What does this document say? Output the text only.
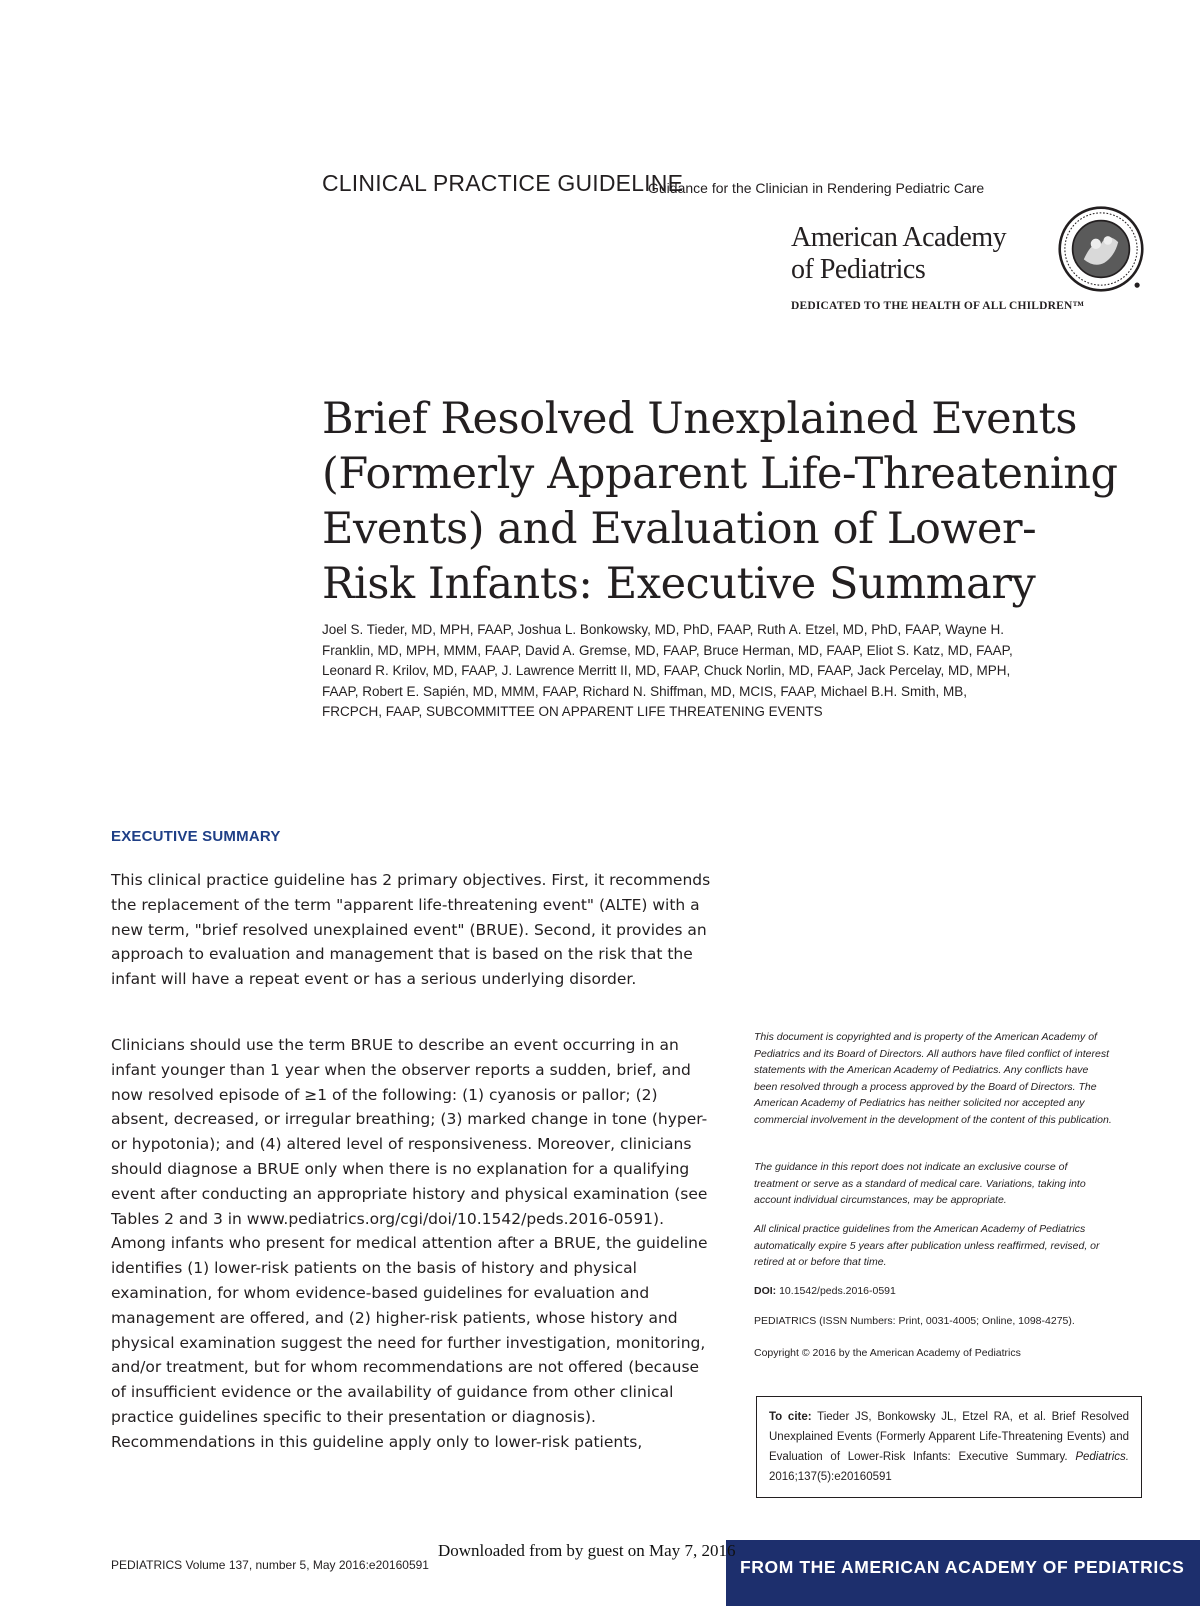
CLINICAL PRACTICE GUIDELINE
Guidance for the Clinician in Rendering Pediatric Care
American Academy
of Pediatrics
DEDICATED TO THE HEALTH OF ALL CHILDREN™
Brief Resolved Unexplained Events (Formerly Apparent Life-Threatening Events) and Evaluation of Lower-Risk Infants: Executive Summary
Joel S. Tieder, MD, MPH, FAAP, Joshua L. Bonkowsky, MD, PhD, FAAP, Ruth A. Etzel, MD, PhD, FAAP, Wayne H. Franklin, MD, MPH, MMM, FAAP, David A. Gremse, MD, FAAP, Bruce Herman, MD, FAAP, Eliot S. Katz, MD, FAAP, Leonard R. Krilov, MD, FAAP, J. Lawrence Merritt II, MD, FAAP, Chuck Norlin, MD, FAAP, Jack Percelay, MD, MPH, FAAP, Robert E. Sapién, MD, MMM, FAAP, Richard N. Shiffman, MD, MCIS, FAAP, Michael B.H. Smith, MB, FRCPCH, FAAP, SUBCOMMITTEE ON APPARENT LIFE THREATENING EVENTS
EXECUTIVE SUMMARY

This clinical practice guideline has 2 primary objectives. First, it recommends the replacement of the term "apparent life-threatening event" (ALTE) with a new term, "brief resolved unexplained event" (BRUE). Second, it provides an approach to evaluation and management that is based on the risk that the infant will have a repeat event or has a serious underlying disorder.

Clinicians should use the term BRUE to describe an event occurring in an infant younger than 1 year when the observer reports a sudden, brief, and now resolved episode of ≥1 of the following: (1) cyanosis or pallor; (2) absent, decreased, or irregular breathing; (3) marked change in tone (hyper- or hypotonia); and (4) altered level of responsiveness. Moreover, clinicians should diagnose a BRUE only when there is no explanation for a qualifying event after conducting an appropriate history and physical examination (see Tables 2 and 3 in www.pediatrics.org/cgi/doi/10.1542/peds.2016-0591). Among infants who present for medical attention after a BRUE, the guideline identifies (1) lower-risk patients on the basis of history and physical examination, for whom evidence-based guidelines for evaluation and management are offered, and (2) higher-risk patients, whose history and physical examination suggest the need for further investigation, monitoring, and/or treatment, but for whom recommendations are not offered (because of insufficient evidence or the availability of guidance from other clinical practice guidelines specific to their presentation or diagnosis). Recommendations in this guideline apply only to lower-risk patients,

This document is copyrighted and is property of the American Academy of Pediatrics and its Board of Directors. All authors have filed conflict of interest statements with the American Academy of Pediatrics. Any conflicts have been resolved through a process approved by the Board of Directors. The American Academy of Pediatrics has neither solicited nor accepted any commercial involvement in the development of the content of this publication.
The guidance in this report does not indicate an exclusive course of treatment or serve as a standard of medical care. Variations, taking into account individual circumstances, may be appropriate.
All clinical practice guidelines from the American Academy of Pediatrics automatically expire 5 years after publication unless reaffirmed, revised, or retired at or before that time.
DOI: 10.1542/peds.2016-0591
PEDIATRICS (ISSN Numbers: Print, 0031-4005; Online, 1098-4275).
Copyright © 2016 by the American Academy of Pediatrics
To cite: Tieder JS, Bonkowsky JL, Etzel RA, et al. Brief Resolved Unexplained Events (Formerly Apparent Life-Threatening Events) and Evaluation of Lower-Risk Infants: Executive Summary. Pediatrics. 2016;137(5):e20160591
PEDIATRICS Volume 137, number 5, May 2016:e20160591	FROM THE AMERICAN ACADEMY OF PEDIATRICS
Downloaded from by guest on May 7, 2016
